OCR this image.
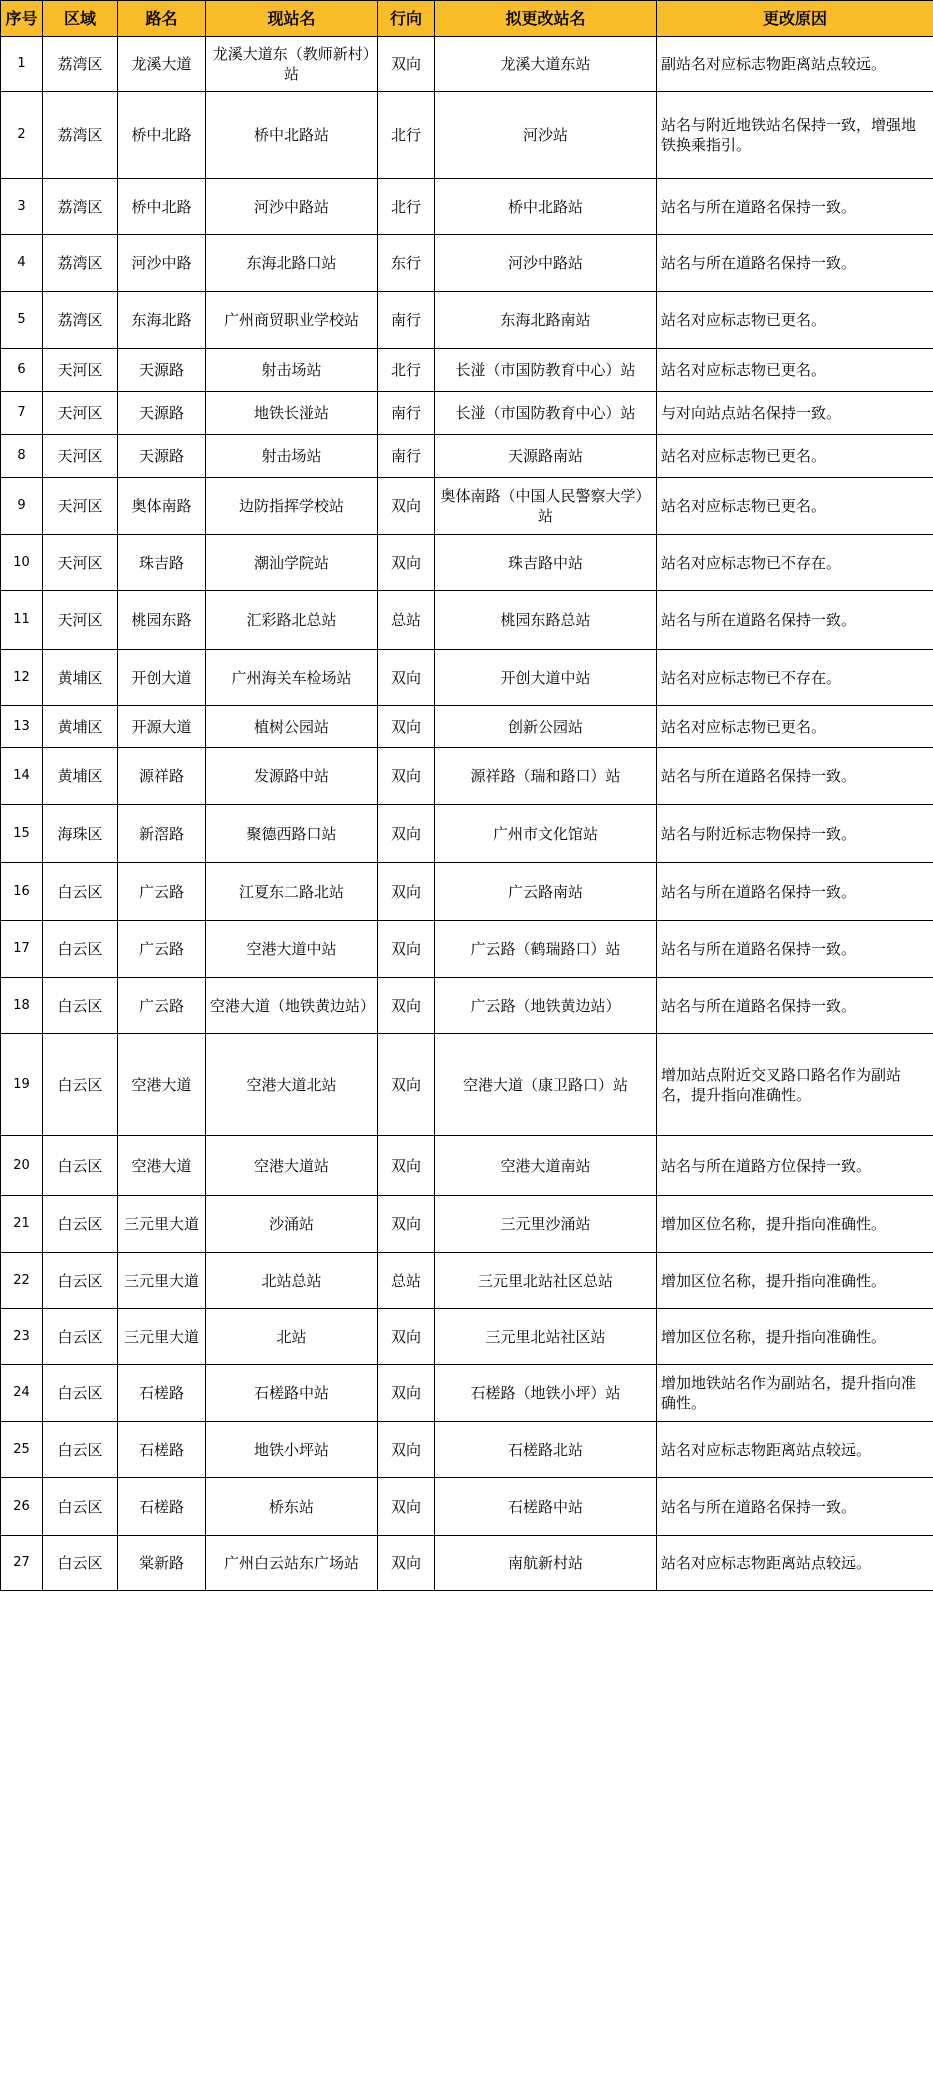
序号	区域	路名	现站名	行向	拟更改站名	更改原因
1	荔湾区	龙溪大道	龙溪大道东（教师新村）站	双向	龙溪大道东站	副站名对应标志物距离站点较远。
2	荔湾区	桥中北路	桥中北路站	北行	河沙站	站名与附近地铁站名保持一致，增强地铁换乘指引。
3	荔湾区	桥中北路	河沙中路站	北行	桥中北路站	站名与所在道路名保持一致。
4	荔湾区	河沙中路	东海北路口站	东行	河沙中路站	站名与所在道路名保持一致。
5	荔湾区	东海北路	广州商贸职业学校站	南行	东海北路南站	站名对应标志物已更名。
6	天河区	天源路	射击场站	北行	长湴（市国防教育中心）站	站名对应标志物已更名。
7	天河区	天源路	地铁长湴站	南行	长湴（市国防教育中心）站	与对向站点站名保持一致。
8	天河区	天源路	射击场站	南行	天源路南站	站名对应标志物已更名。
9	天河区	奥体南路	边防指挥学校站	双向	奥体南路（中国人民警察大学）站	站名对应标志物已更名。
10	天河区	珠吉路	潮汕学院站	双向	珠吉路中站	站名对应标志物已不存在。
11	天河区	桃园东路	汇彩路北总站	总站	桃园东路总站	站名与所在道路名保持一致。
12	黄埔区	开创大道	广州海关车检场站	双向	开创大道中站	站名对应标志物已不存在。
13	黄埔区	开源大道	植树公园站	双向	创新公园站	站名对应标志物已更名。
14	黄埔区	源祥路	发源路中站	双向	源祥路（瑞和路口）站	站名与所在道路名保持一致。
15	海珠区	新滘路	聚德西路口站	双向	广州市文化馆站	站名与附近标志物保持一致。
16	白云区	广云路	江夏东二路北站	双向	广云路南站	站名与所在道路名保持一致。
17	白云区	广云路	空港大道中站	双向	广云路（鹤瑞路口）站	站名与所在道路名保持一致。
18	白云区	广云路	空港大道（地铁黄边站）	双向	广云路（地铁黄边站）	站名与所在道路名保持一致。
19	白云区	空港大道	空港大道北站	双向	空港大道（康卫路口）站	增加站点附近交叉路口路名作为副站名，提升指向准确性。
20	白云区	空港大道	空港大道站	双向	空港大道南站	站名与所在道路方位保持一致。
21	白云区	三元里大道	沙涌站	双向	三元里沙涌站	增加区位名称，提升指向准确性。
22	白云区	三元里大道	北站总站	总站	三元里北站社区总站	增加区位名称，提升指向准确性。
23	白云区	三元里大道	北站	双向	三元里北站社区站	增加区位名称，提升指向准确性。
24	白云区	石槎路	石槎路中站	双向	石槎路（地铁小坪）站	增加地铁站名作为副站名，提升指向准确性。
25	白云区	石槎路	地铁小坪站	双向	石槎路北站	站名对应标志物距离站点较远。
26	白云区	石槎路	桥东站	双向	石槎路中站	站名与所在道路名保持一致。
27	白云区	棠新路	广州白云站东广场站	双向	南航新村站	站名对应标志物距离站点较远。
